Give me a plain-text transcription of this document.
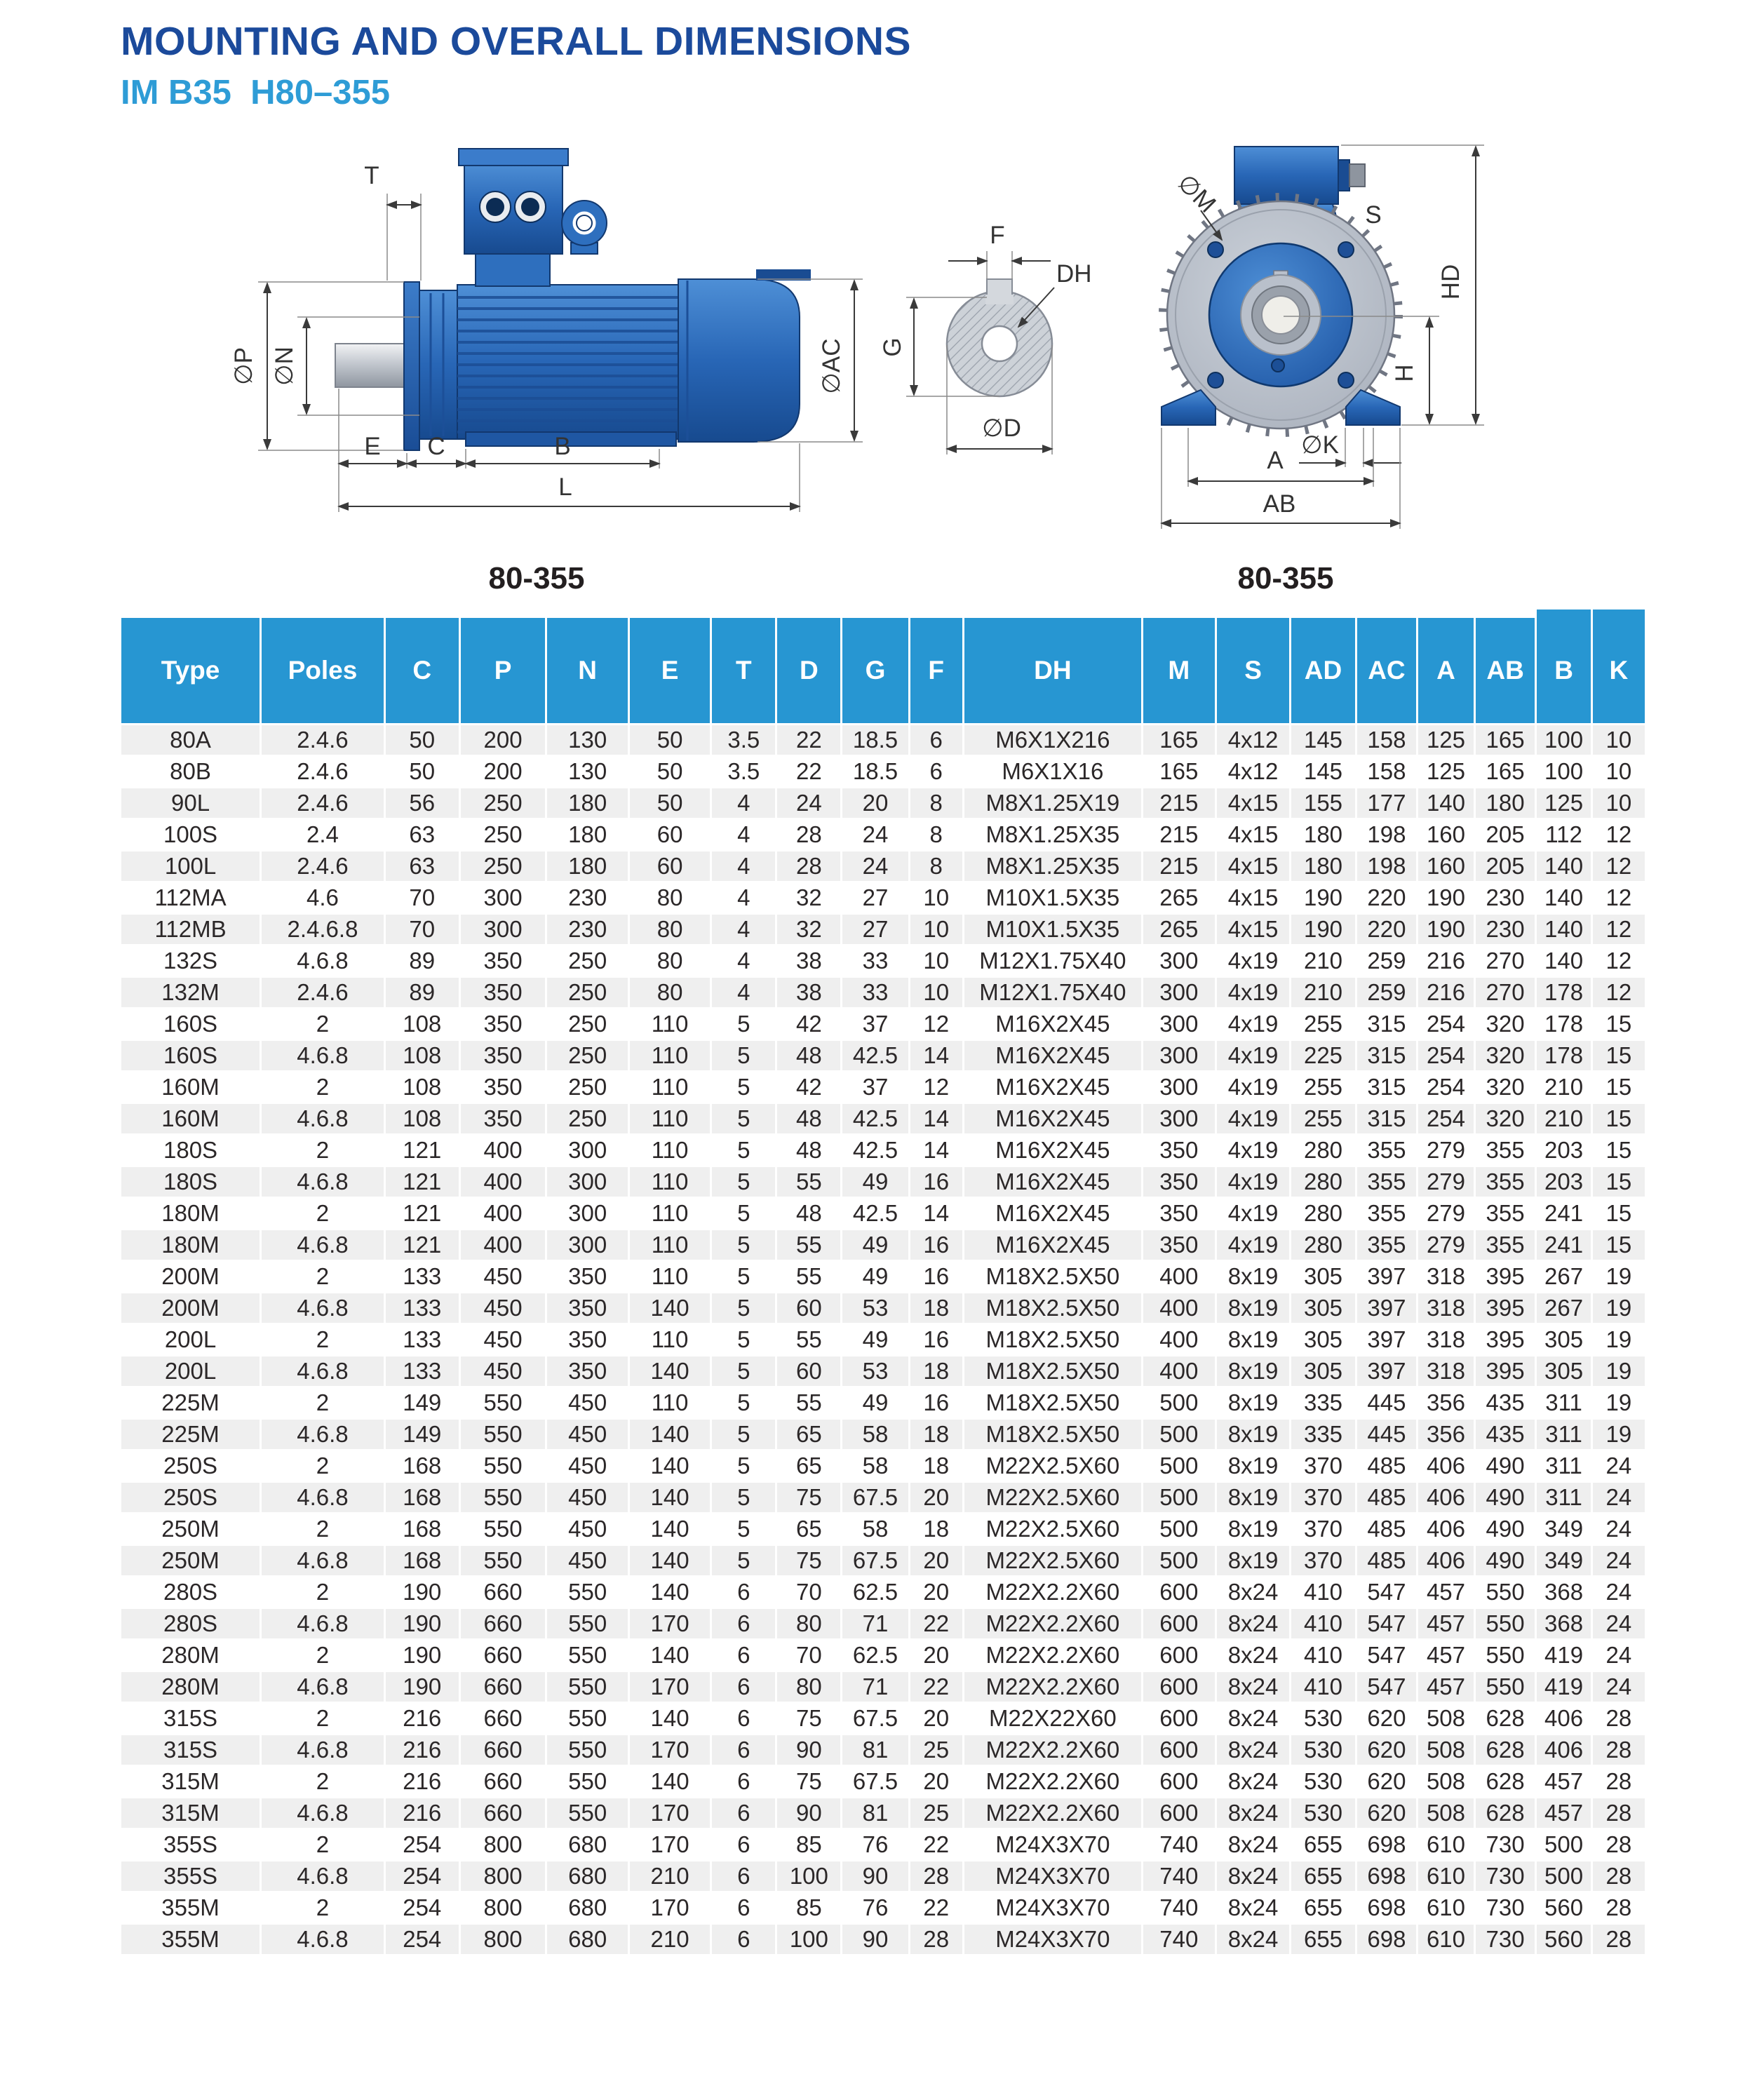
MOUNTING AND OVERALL DIMENSIONS
IM B35  H80–355
T
∅P ∅N	∅AC
E C	B
L
F
DH
G
∅D
∅M	S
HD
H
∅K
A
AB
80-355	80-355
Type	Poles	C	P	N	E	T	D	G	F	DH	M	S	AD	AC	A	AB	B	K
80A	2.4.6	50	200	130	50	3.5	22	18.5	6	M6X1X216	165	4x12	145	158	125	165	100	10
80B	2.4.6	50	200	130	50	3.5	22	18.5	6	M6X1X16	165	4x12	145	158	125	165	100	10
90L	2.4.6	56	250	180	50	4	24	20	8	M8X1.25X19	215	4x15	155	177	140	180	125	10
100S	2.4	63	250	180	60	4	28	24	8	M8X1.25X35	215	4x15	180	198	160	205	112	12
100L	2.4.6	63	250	180	60	4	28	24	8	M8X1.25X35	215	4x15	180	198	160	205	140	12
112MA	4.6	70	300	230	80	4	32	27	10	M10X1.5X35	265	4x15	190	220	190	230	140	12
112MB	2.4.6.8	70	300	230	80	4	32	27	10	M10X1.5X35	265	4x15	190	220	190	230	140	12
132S	4.6.8	89	350	250	80	4	38	33	10	M12X1.75X40	300	4x19	210	259	216	270	140	12
132M	2.4.6	89	350	250	80	4	38	33	10	M12X1.75X40	300	4x19	210	259	216	270	178	12
160S	2	108	350	250	110	5	42	37	12	M16X2X45	300	4x19	255	315	254	320	178	15
160S	4.6.8	108	350	250	110	5	48	42.5	14	M16X2X45	300	4x19	225	315	254	320	178	15
160M	2	108	350	250	110	5	42	37	12	M16X2X45	300	4x19	255	315	254	320	210	15
160M	4.6.8	108	350	250	110	5	48	42.5	14	M16X2X45	300	4x19	255	315	254	320	210	15
180S	2	121	400	300	110	5	48	42.5	14	M16X2X45	350	4x19	280	355	279	355	203	15
180S	4.6.8	121	400	300	110	5	55	49	16	M16X2X45	350	4x19	280	355	279	355	203	15
180M	2	121	400	300	110	5	48	42.5	14	M16X2X45	350	4x19	280	355	279	355	241	15
180M	4.6.8	121	400	300	110	5	55	49	16	M16X2X45	350	4x19	280	355	279	355	241	15
200M	2	133	450	350	110	5	55	49	16	M18X2.5X50	400	8x19	305	397	318	395	267	19
200M	4.6.8	133	450	350	140	5	60	53	18	M18X2.5X50	400	8x19	305	397	318	395	267	19
200L	2	133	450	350	110	5	55	49	16	M18X2.5X50	400	8x19	305	397	318	395	305	19
200L	4.6.8	133	450	350	140	5	60	53	18	M18X2.5X50	400	8x19	305	397	318	395	305	19
225M	2	149	550	450	110	5	55	49	16	M18X2.5X50	500	8x19	335	445	356	435	311	19
225M	4.6.8	149	550	450	140	5	65	58	18	M18X2.5X50	500	8x19	335	445	356	435	311	19
250S	2	168	550	450	140	5	65	58	18	M22X2.5X60	500	8x19	370	485	406	490	311	24
250S	4.6.8	168	550	450	140	5	75	67.5	20	M22X2.5X60	500	8x19	370	485	406	490	311	24
250M	2	168	550	450	140	5	65	58	18	M22X2.5X60	500	8x19	370	485	406	490	349	24
250M	4.6.8	168	550	450	140	5	75	67.5	20	M22X2.5X60	500	8x19	370	485	406	490	349	24
280S	2	190	660	550	140	6	70	62.5	20	M22X2.2X60	600	8x24	410	547	457	550	368	24
280S	4.6.8	190	660	550	170	6	80	71	22	M22X2.2X60	600	8x24	410	547	457	550	368	24
280M	2	190	660	550	140	6	70	62.5	20	M22X2.2X60	600	8x24	410	547	457	550	419	24
280M	4.6.8	190	660	550	170	6	80	71	22	M22X2.2X60	600	8x24	410	547	457	550	419	24
315S	2	216	660	550	140	6	75	67.5	20	M22X22X60	600	8x24	530	620	508	628	406	28
315S	4.6.8	216	660	550	170	6	90	81	25	M22X2.2X60	600	8x24	530	620	508	628	406	28
315M	2	216	660	550	140	6	75	67.5	20	M22X2.2X60	600	8x24	530	620	508	628	457	28
315M	4.6.8	216	660	550	170	6	90	81	25	M22X2.2X60	600	8x24	530	620	508	628	457	28
355S	2	254	800	680	170	6	85	76	22	M24X3X70	740	8x24	655	698	610	730	500	28
355S	4.6.8	254	800	680	210	6	100	90	28	M24X3X70	740	8x24	655	698	610	730	500	28
355M	2	254	800	680	170	6	85	76	22	M24X3X70	740	8x24	655	698	610	730	560	28
355M	4.6.8	254	800	680	210	6	100	90	28	M24X3X70	740	8x24	655	698	610	730	560	28
